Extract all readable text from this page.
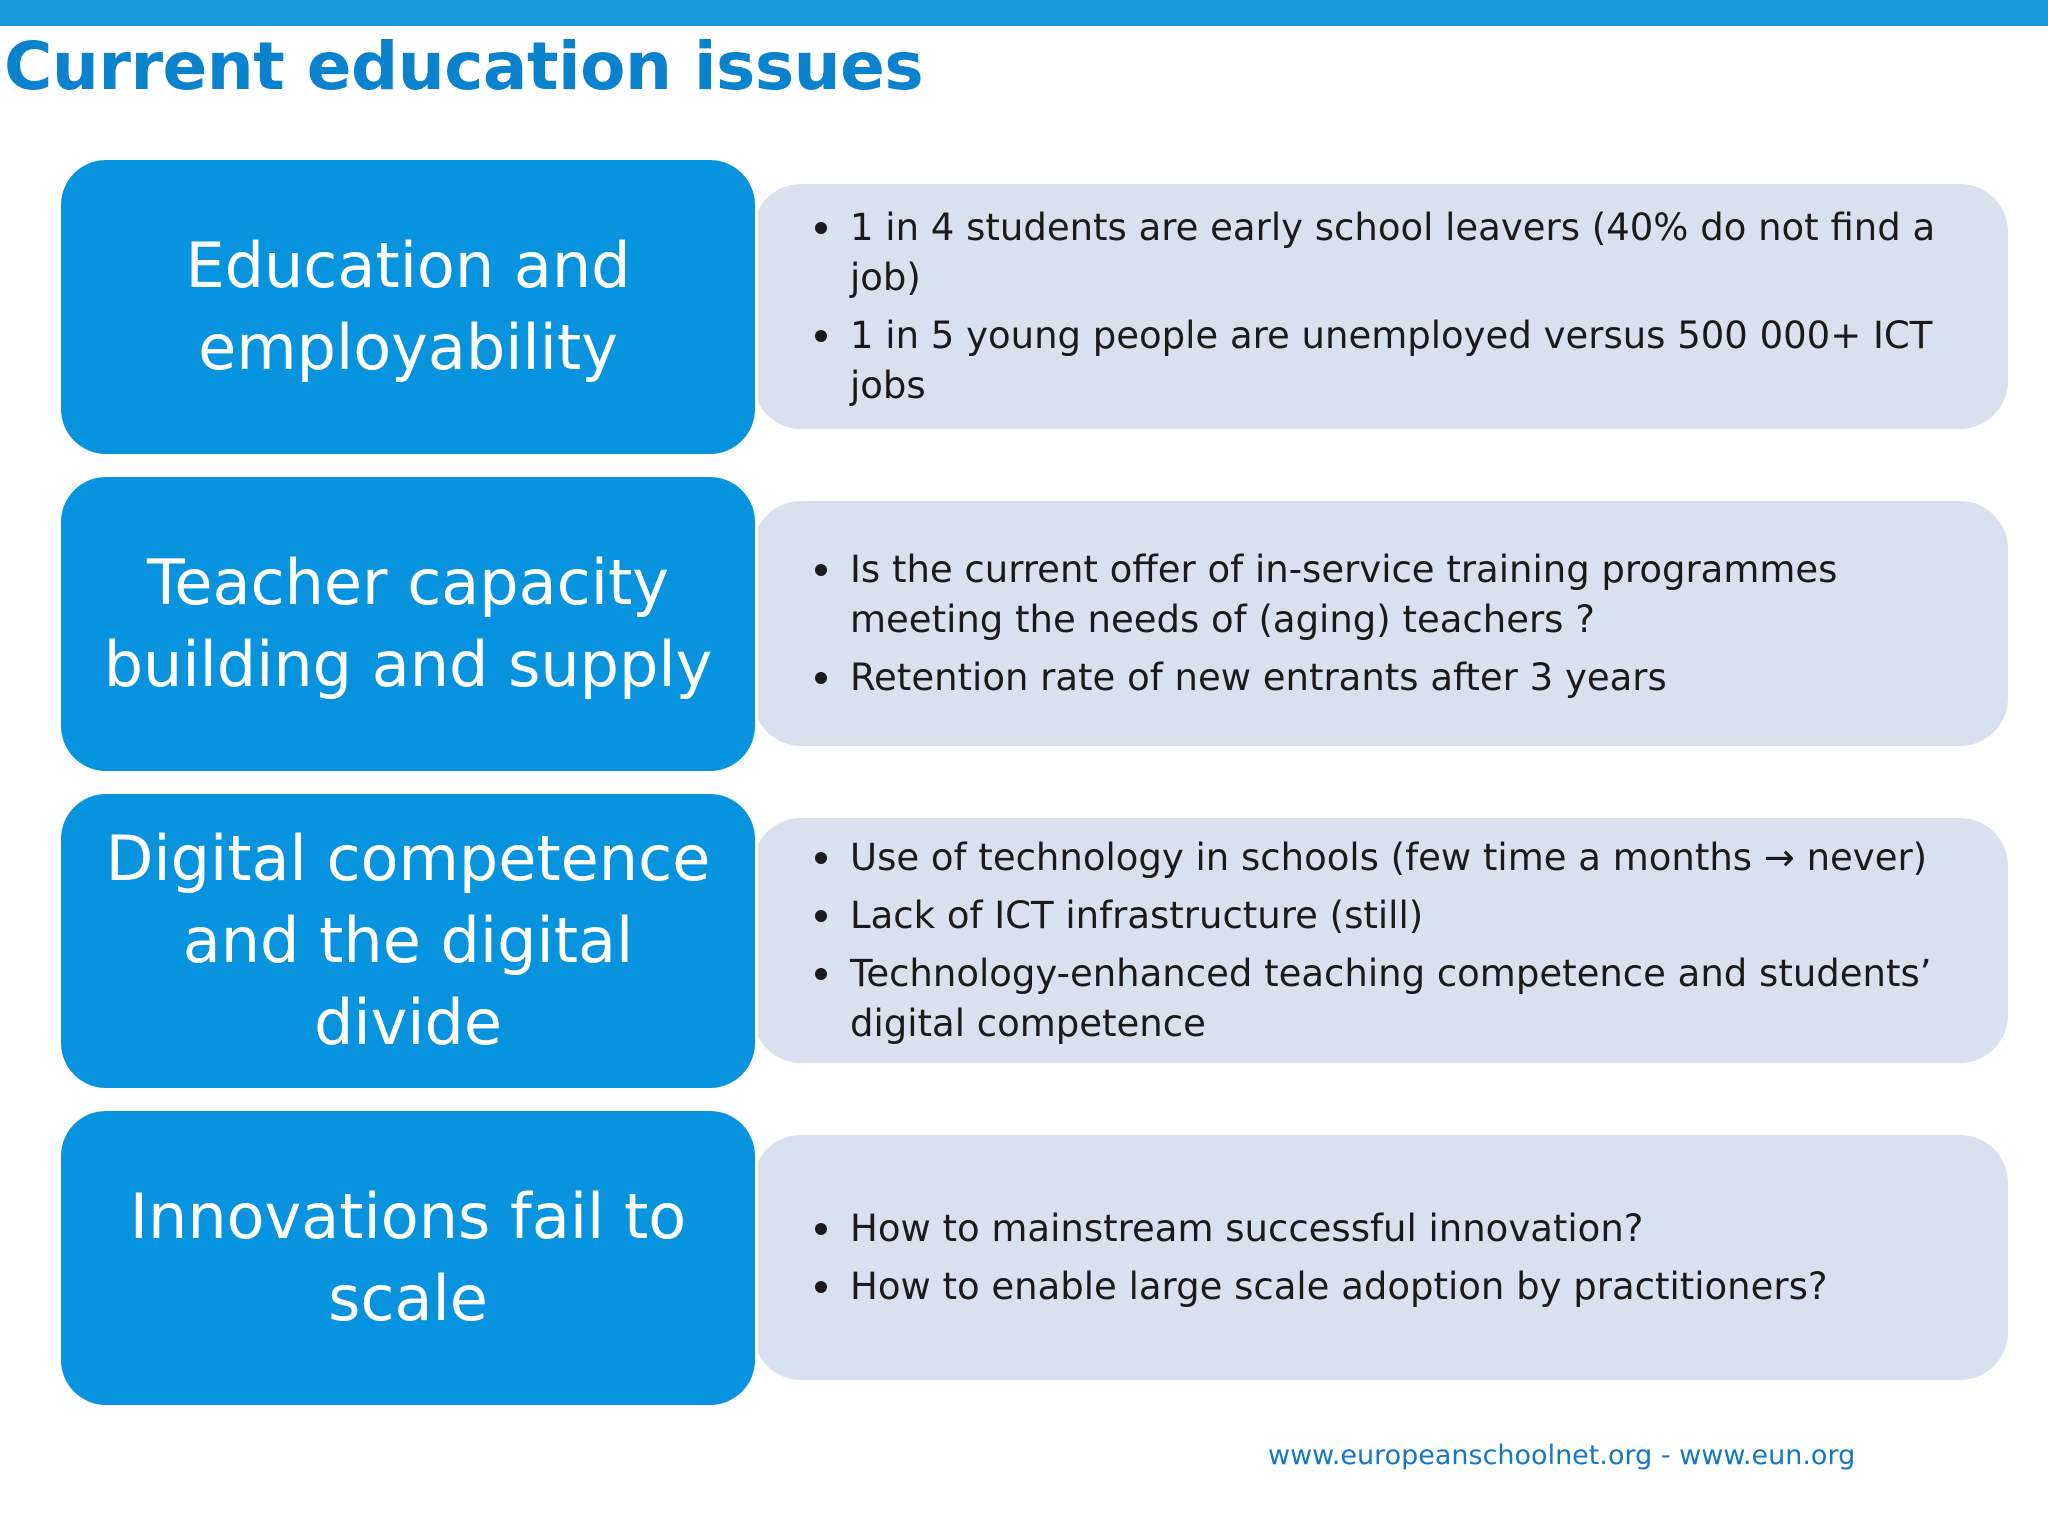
Current education issues
1 in 4 students are early school leavers (40% do not find a job)
1 in 5 young people are unemployed versus 500 000+ ICT jobs
Education and employability
Is the current offer of in-service training programmes meeting the needs of (aging) teachers ?
Retention rate of new entrants after 3 years
Teacher capacity building and supply
Use of technology in schools (few time a months → never)
Lack of ICT infrastructure (still)
Technology-enhanced teaching competence and students’ digital competence
Digital competence and the digital divide
How to mainstream successful innovation?
How to enable large scale adoption by practitioners?
Innovations fail to scale
www.europeanschoolnet.org - www.eun.org
